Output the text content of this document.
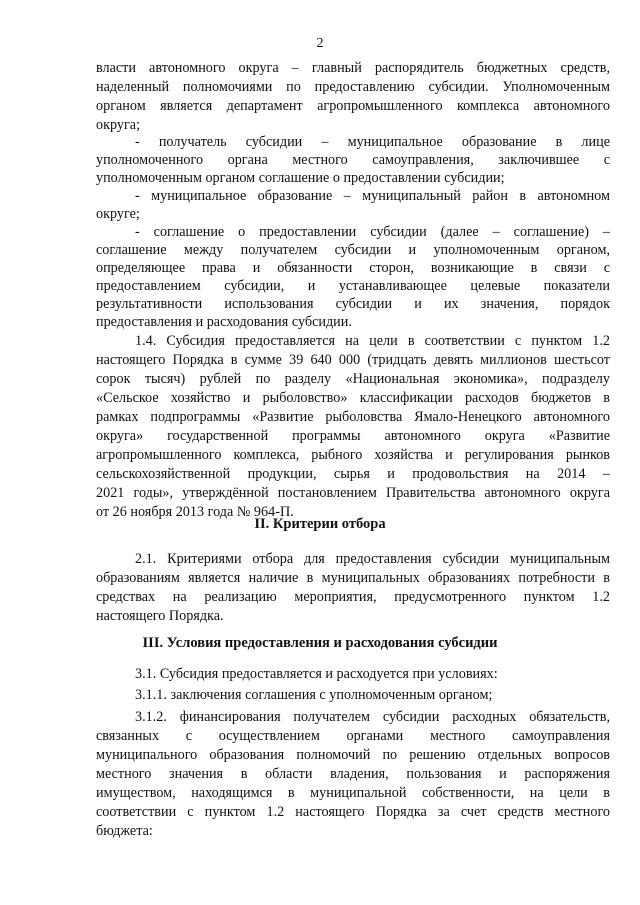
2
власти автономного округа – главный распорядитель бюджетных средств,
наделенный полномочиями по предоставлению субсидии. Уполномоченным
органом является департамент агропромышленного комплекса автономного
округа;
- получатель субсидии – муниципальное образование в лице
уполномоченного органа местного самоуправления, заключившее с
уполномоченным органом соглашение о предоставлении субсидии;
- муниципальное образование – муниципальный район в автономном
округе;
- соглашение о предоставлении субсидии (далее – соглашение) –
соглашение между получателем субсидии и уполномоченным органом,
определяющее права и обязанности сторон, возникающие в связи с
предоставлением субсидии, и устанавливающее целевые показатели
результативности использования субсидии и их значения, порядок
предоставления и расходования субсидии.
1.4. Субсидия предоставляется на цели в соответствии с пунктом 1.2
настоящего Порядка в сумме 39 640 000 (тридцать девять миллионов шестьсот
сорок тысяч) рублей по разделу «Национальная экономика», подразделу
«Сельское хозяйство и рыболовство» классификации расходов бюджетов в
рамках подпрограммы «Развитие рыболовства Ямало-Ненецкого автономного
округа» государственной программы автономного округа «Развитие
агропромышленного комплекса, рыбного хозяйства и регулирования рынков
сельскохозяйственной продукции, сырья и продовольствия на 2014 –
2021 годы», утверждённой постановлением Правительства автономного округа
от 26 ноября 2013 года № 964-П.
II. Критерии отбора
2.1. Критериями отбора для предоставления субсидии муниципальным
образованиям является наличие в муниципальных образованиях потребности в
средствах на реализацию мероприятия, предусмотренного пунктом 1.2
настоящего Порядка.
III. Условия предоставления и расходования субсидии
3.1. Субсидия предоставляется и расходуется при условиях:
3.1.1. заключения соглашения с уполномоченным органом;
3.1.2. финансирования получателем субсидии расходных обязательств,
связанных с осуществлением органами местного самоуправления
муниципального образования полномочий по решению отдельных вопросов
местного значения в области владения, пользования и распоряжения
имуществом, находящимся в муниципальной собственности, на цели в
соответствии с пунктом 1.2 настоящего Порядка за счет средств местного
бюджета:
